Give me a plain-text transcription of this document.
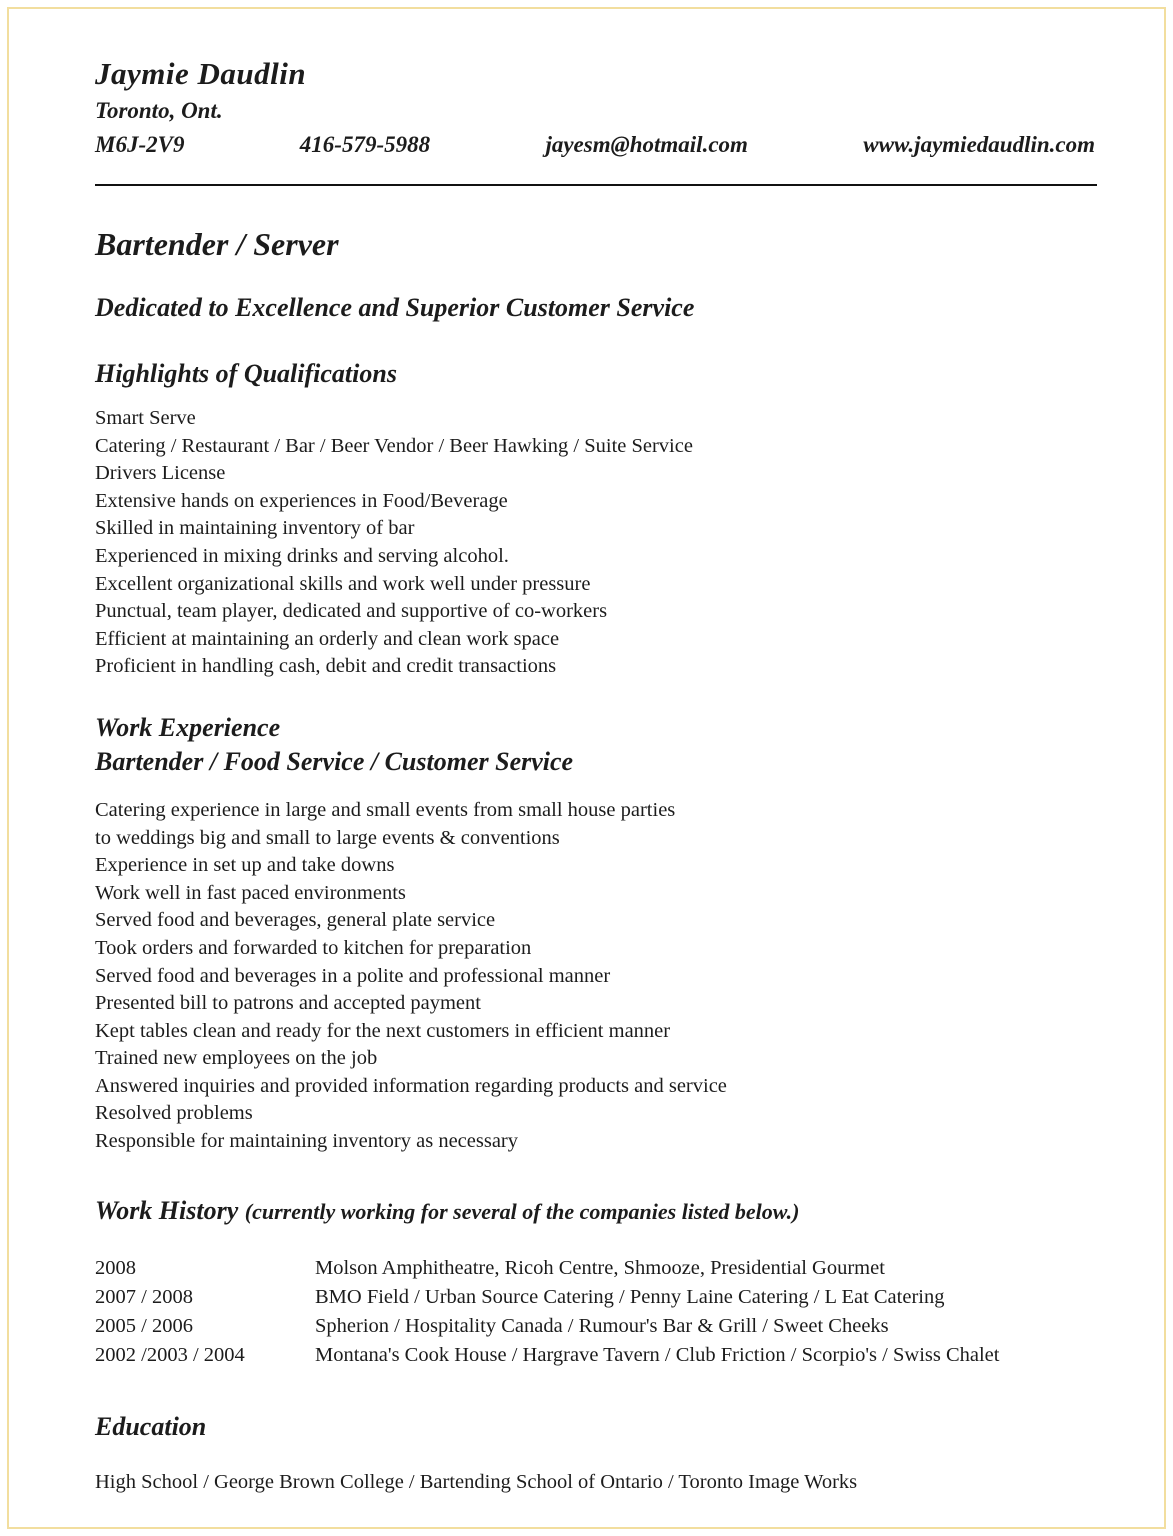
Jaymie Daudlin
Toronto, Ont.
M6J-2V9	416-579-5988	jayesm@hotmail.com	www.jaymiedaudlin.com
Bartender / Server
Dedicated to Excellence and Superior Customer Service
Highlights of Qualifications
Smart Serve
Catering / Restaurant / Bar / Beer Vendor / Beer Hawking / Suite Service
Drivers License
Extensive hands on experiences in Food/Beverage
Skilled in maintaining inventory of bar
Experienced in mixing drinks and serving alcohol.
Excellent organizational skills and work well under pressure
Punctual, team player, dedicated and supportive of co-workers
Efficient at maintaining an orderly and clean work space
Proficient in handling cash, debit and credit transactions
Work Experience
Bartender / Food Service / Customer Service
Catering experience in large and small events from small house parties
to weddings big and small to large events & conventions
Experience in set up and take downs
Work well in fast paced environments
Served food and beverages, general plate service
Took orders and forwarded to kitchen for preparation
Served food and beverages in a polite and professional manner
Presented bill to patrons and accepted payment
Kept tables clean and ready for the next customers in efficient manner
Trained new employees on the job
Answered inquiries and provided information regarding products and service
Resolved problems
Responsible for maintaining inventory as necessary
Work History (currently working for several of the companies listed below.)
2008	Molson Amphitheatre, Ricoh Centre, Shmooze, Presidential Gourmet
2007 / 2008	BMO Field / Urban Source Catering / Penny Laine Catering / L Eat Catering
2005 / 2006	Spherion / Hospitality Canada / Rumour's Bar & Grill / Sweet Cheeks
2002 /2003 / 2004	Montana's Cook House / Hargrave Tavern / Club Friction / Scorpio's / Swiss Chalet
Education
High School / George Brown College / Bartending School of Ontario / Toronto Image Works
